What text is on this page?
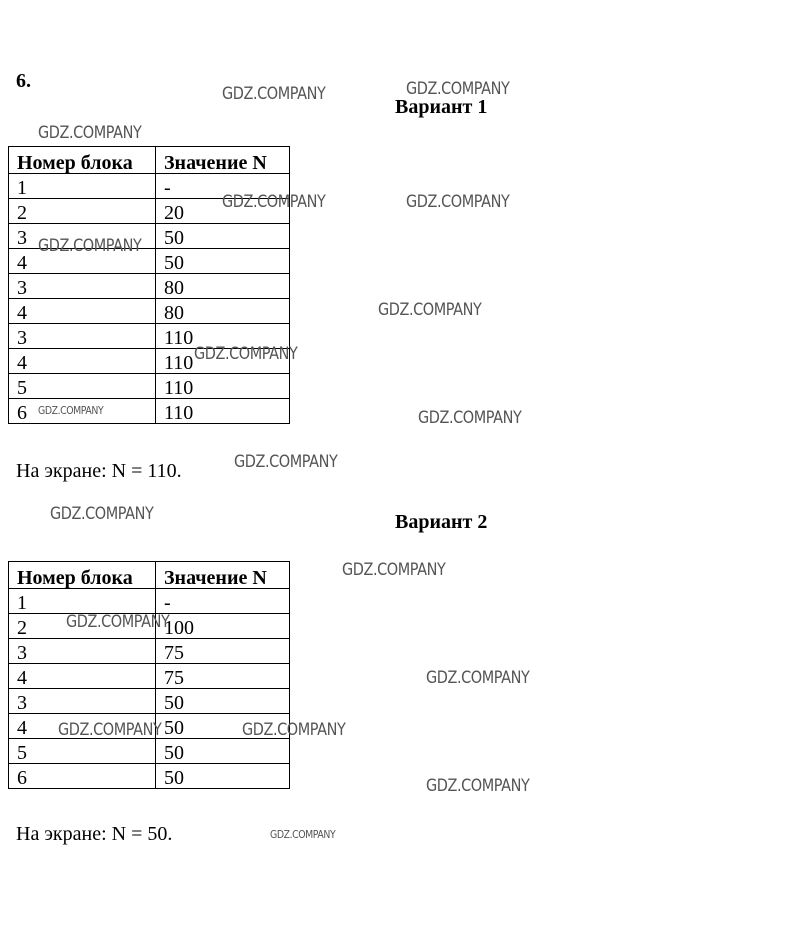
6.
Вариант 1
Номер блока	Значение N
1	-
2	20
3	50
4	50
3	80
4	80
3	110
4	110
5	110
6	110
На экране: N = 110.
Вариант 2
Номер блока	Значение N
1	-
2	100
3	75
4	75
3	50
4	50
5	50
6	50
На экране: N = 50.
GDZ.COMPANY	GDZ.COMPANY
GDZ.COMPANY
GDZ.COMPANY	GDZ.COMPANY
GDZ.COMPANY
GDZ.COMPANY
GDZ.COMPANY
GDZ.COMPANY	GDZ.COMPANY
GDZ.COMPANY
GDZ.COMPANY
GDZ.COMPANY
GDZ.COMPANY
GDZ.COMPANY
GDZ.COMPANY	GDZ.COMPANY
GDZ.COMPANY
GDZ.COMPANY
